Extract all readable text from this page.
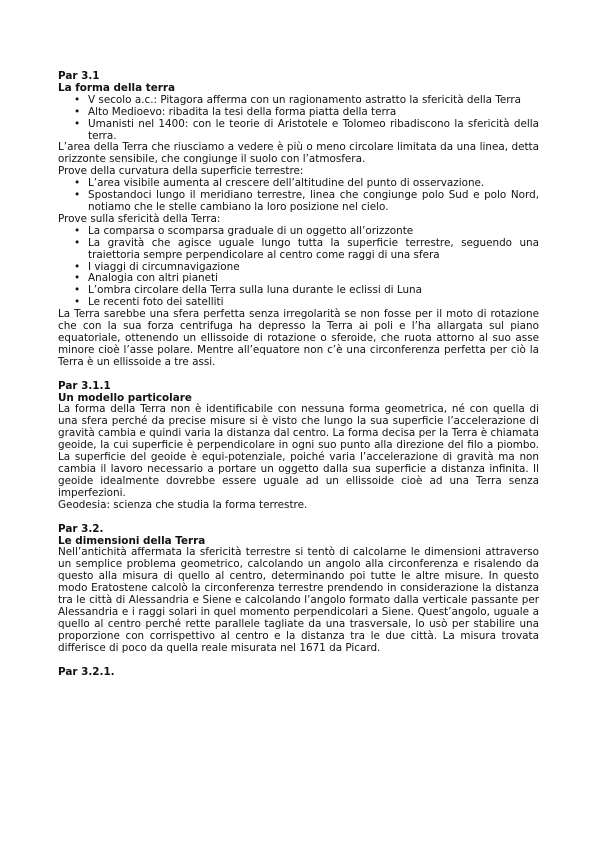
Par 3.1
La forma della terra
• V secolo a.c.: Pitagora afferma con un ragionamento astratto la sfericità della Terra
• Alto Medioevo: ribadita la tesi della forma piatta della terra
• Umanisti nel 1400: con le teorie di Aristotele e Tolomeo ribadiscono la sfericità della terra.

L’area della Terra che riusciamo a vedere è più o meno circolare limitata da una linea, detta orizzonte sensibile, che congiunge il suolo con l’atmosfera.

Prove della curvatura della superficie terrestre:

• L’area visibile aumenta al crescere dell’altitudine del punto di osservazione.
• Spostandoci lungo il meridiano terrestre, linea che congiunge polo Sud e polo Nord, notiamo che le stelle cambiano la loro posizione nel cielo.

Prove sulla sfericità della Terra:

• La comparsa o scomparsa graduale di un oggetto all’orizzonte
• La gravità che agisce uguale lungo tutta la superficie terrestre, seguendo una traiettoria sempre perpendicolare al centro come raggi di una sfera
• I viaggi di circumnavigazione
• Analogia con altri pianeti
• L’ombra circolare della Terra sulla luna durante le eclissi di Luna
• Le recenti foto dei satelliti

La Terra sarebbe una sfera perfetta senza irregolarità se non fosse per il moto di rotazione che con la sua forza centrifuga ha depresso la Terra ai poli e l’ha allargata sul piano equatoriale, ottenendo un ellissoide di rotazione o sferoide, che ruota attorno al suo asse minore cioè l’asse polare. Mentre all’equatore non c’è una circonferenza perfetta per ciò la Terra è un ellissoide a tre assi.

Par 3.1.1
Un modello particolare

La forma della Terra non è identificabile con nessuna forma geometrica, né con quella di una sfera perché da precise misure si è visto che lungo la sua superficie l’accelerazione di gravità cambia e quindi varia la distanza dal centro. La forma decisa per la Terra è chiamata geoide, la cui superficie è perpendicolare in ogni suo punto alla direzione del filo a piombo. La superficie del geoide è equi-potenziale, poiché varia l’accelerazione di gravità ma non cambia il lavoro necessario a portare un oggetto dalla sua superficie a distanza infinita. Il geoide idealmente dovrebbe essere uguale ad un ellissoide cioè ad una Terra senza imperfezioni.

Geodesia: scienza che studia la forma terrestre.

Par 3.2.
Le dimensioni della Terra

Nell’antichità affermata la sfericità terrestre si tentò di calcolarne le dimensioni attraverso un semplice problema geometrico, calcolando un angolo alla circonferenza e risalendo da questo alla misura di quello al centro, determinando poi tutte le altre misure. In questo modo Eratostene calcolò la circonferenza terrestre prendendo in considerazione la distanza tra le città di Alessandria e Siene e calcolando l’angolo formato dalla verticale passante per Alessandria e i raggi solari in quel momento perpendicolari a Siene. Quest’angolo, uguale a quello al centro perché rette parallele tagliate da una trasversale, lo usò per stabilire una proporzione con corrispettivo al centro e la distanza tra le due città. La misura trovata differisce di poco da quella reale misurata nel 1671 da Picard.

Par 3.2.1.
